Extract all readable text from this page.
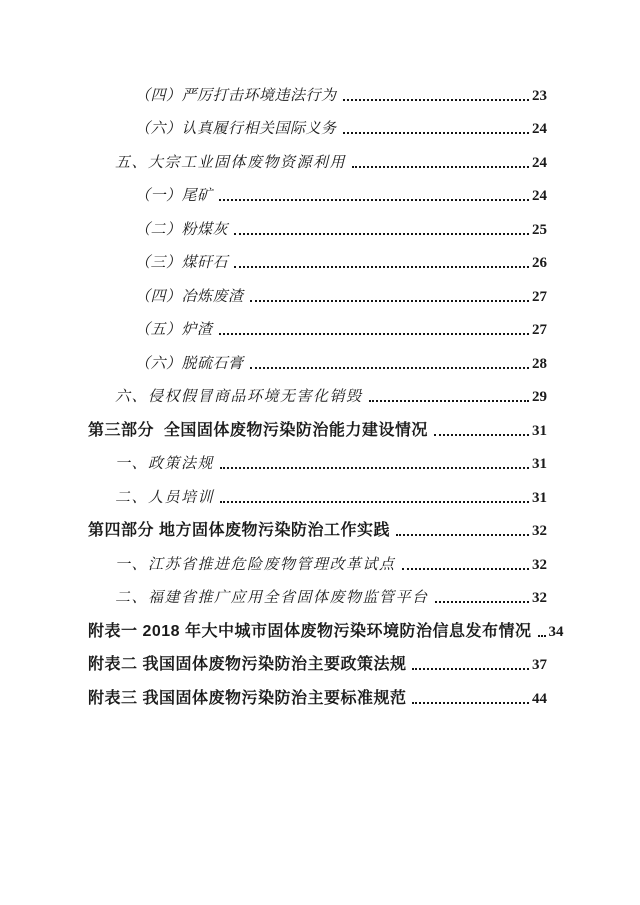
（四）严厉打击环境违法行为	23
（六）认真履行相关国际义务	24
五、大宗工业固体废物资源利用	24
（一）尾矿	24
（二）粉煤灰	25
（三）煤矸石	26
（四）冶炼废渣	27
（五）炉渣	27
（六）脱硫石膏	28
六、侵权假冒商品环境无害化销毁	29
第三部分  全国固体废物污染防治能力建设情况	31
一、政策法规	31
二、人员培训	31
第四部分 地方固体废物污染防治工作实践	32
一、江苏省推进危险废物管理改革试点	32
二、福建省推广应用全省固体废物监管平台	32
附表一 2018 年大中城市固体废物污染环境防治信息发布情况 34
附表二 我国固体废物污染防治主要政策法规	37
附表三 我国固体废物污染防治主要标准规范	44
